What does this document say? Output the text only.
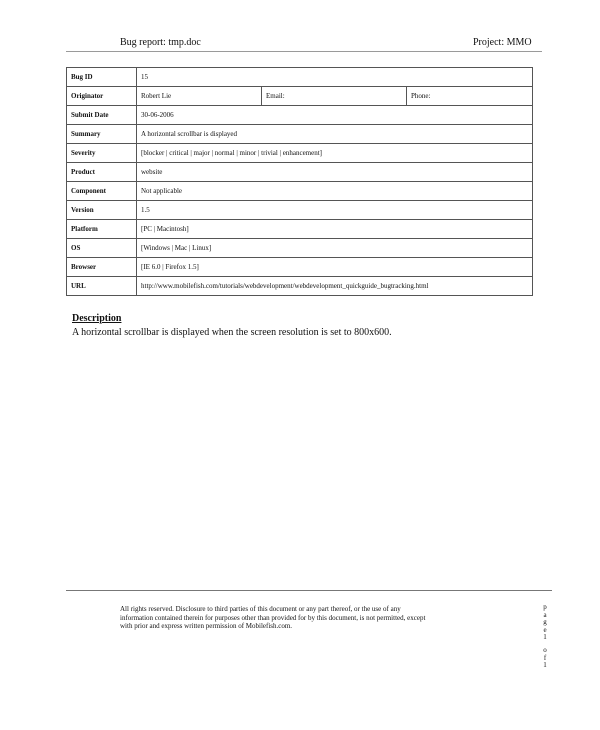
Bug report: tmp.doc	Project: MMO
Bug ID	15
Originator	Robert Lie	Email:	Phone:
Submit Date	30-06-2006
Summary	A horizontal scrollbar is displayed
Severity	[blocker | critical | major | normal | minor | trivial | enhancement]
Product	website
Component	Not applicable
Version	1.5
Platform	[PC | Macintosh]
OS	[Windows | Mac | Linux]
Browser	[IE 6.0 | Firefox 1.5]
URL	http://www.mobilefish.com/tutorials/webdevelopment/webdevelopment_quickguide_bugtracking.html
Description
A horizontal scrollbar is displayed when the screen resolution is set to 800x600.
All rights reserved. Disclosure to third parties of this document or any part thereof, or the use of any
information contained therein for purposes other than provided for by this document, is not permitted, except
with prior and express written permission of Mobilefish.com.
p
a
g
e
1
o
f
1
